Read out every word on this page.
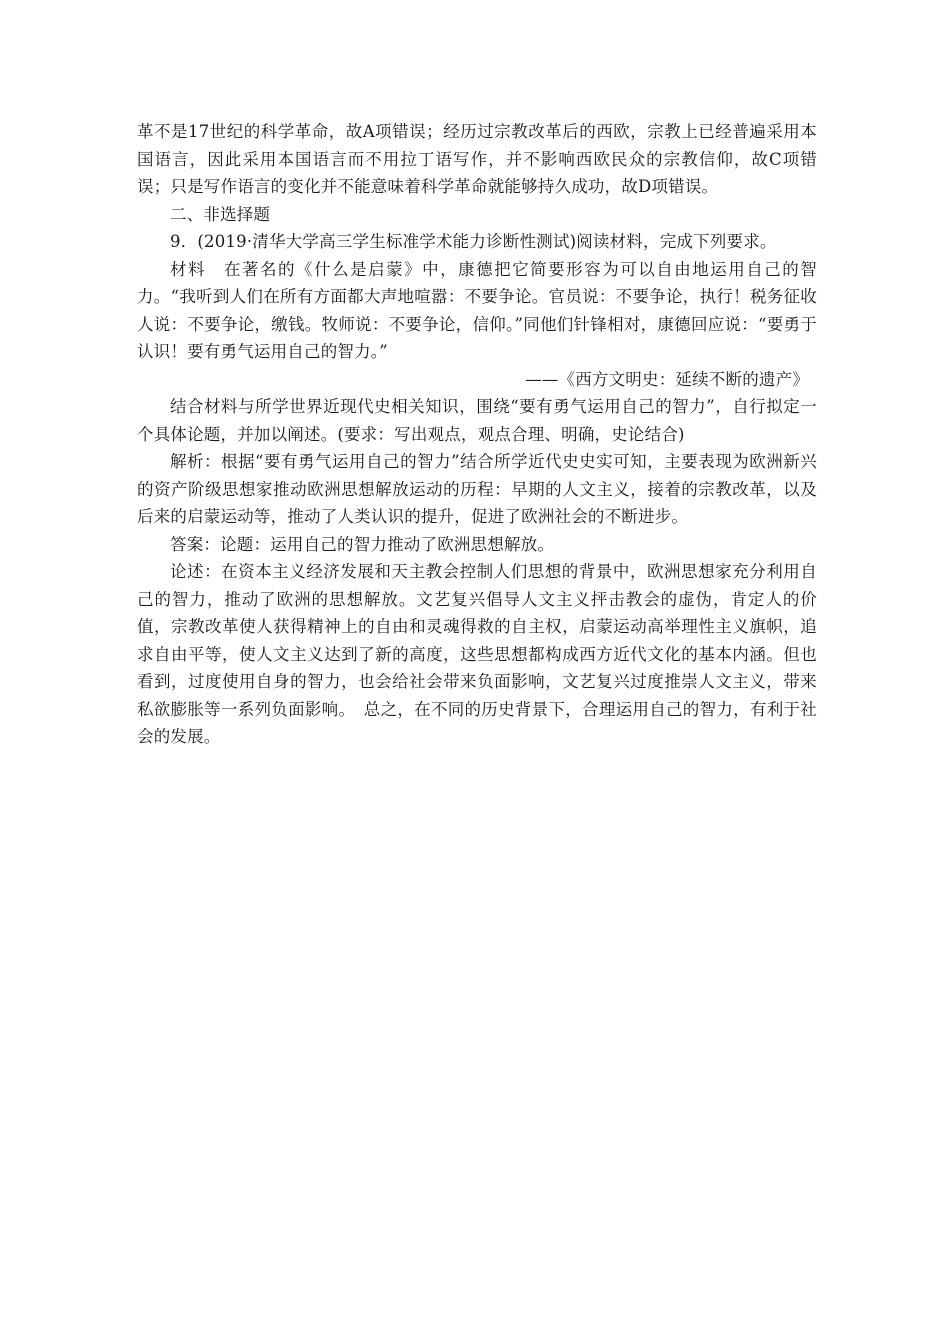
革不是17世纪的科学革命，故A项错误；经历过宗教改革后的西欧，宗教上已经普遍采用本国语言，因此采用本国语言而不用拉丁语写作，并不影响西欧民众的宗教信仰，故C项错误；只是写作语言的变化并不能意味着科学革命就能够持久成功，故D项错误。

二、非选择题

9．(2019·清华大学高三学生标准学术能力诊断性测试)阅读材料，完成下列要求。

材料　在著名的《什么是启蒙》中，康德把它简要形容为可以自由地运用自己的智力。“我听到人们在所有方面都大声地喧嚣：不要争论。官员说：不要争论，执行！税务征收人说：不要争论，缴钱。牧师说：不要争论，信仰。”同他们针锋相对，康德回应说：“要勇于认识！要有勇气运用自己的智力。”

——《西方文明史：延续不断的遗产》

结合材料与所学世界近现代史相关知识，围绕“要有勇气运用自己的智力”，自行拟定一个具体论题，并加以阐述。(要求：写出观点，观点合理、明确，史论结合)

解析：根据“要有勇气运用自己的智力”结合所学近代史史实可知，主要表现为欧洲新兴的资产阶级思想家推动欧洲思想解放运动的历程：早期的人文主义，接着的宗教改革，以及后来的启蒙运动等，推动了人类认识的提升，促进了欧洲社会的不断进步。

答案：论题：运用自己的智力推动了欧洲思想解放。

论述：在资本主义经济发展和天主教会控制人们思想的背景中，欧洲思想家充分利用自己的智力，推动了欧洲的思想解放。文艺复兴倡导人文主义抨击教会的虚伪，肯定人的价值，宗教改革使人获得精神上的自由和灵魂得救的自主权，启蒙运动高举理性主义旗帜，追求自由平等，使人文主义达到了新的高度，这些思想都构成西方近代文化的基本内涵。但也看到，过度使用自身的智力，也会给社会带来负面影响，文艺复兴过度推崇人文主义，带来私欲膨胀等一系列负面影响。　总之，在不同的历史背景下，合理运用自己的智力，有利于社会的发展。
